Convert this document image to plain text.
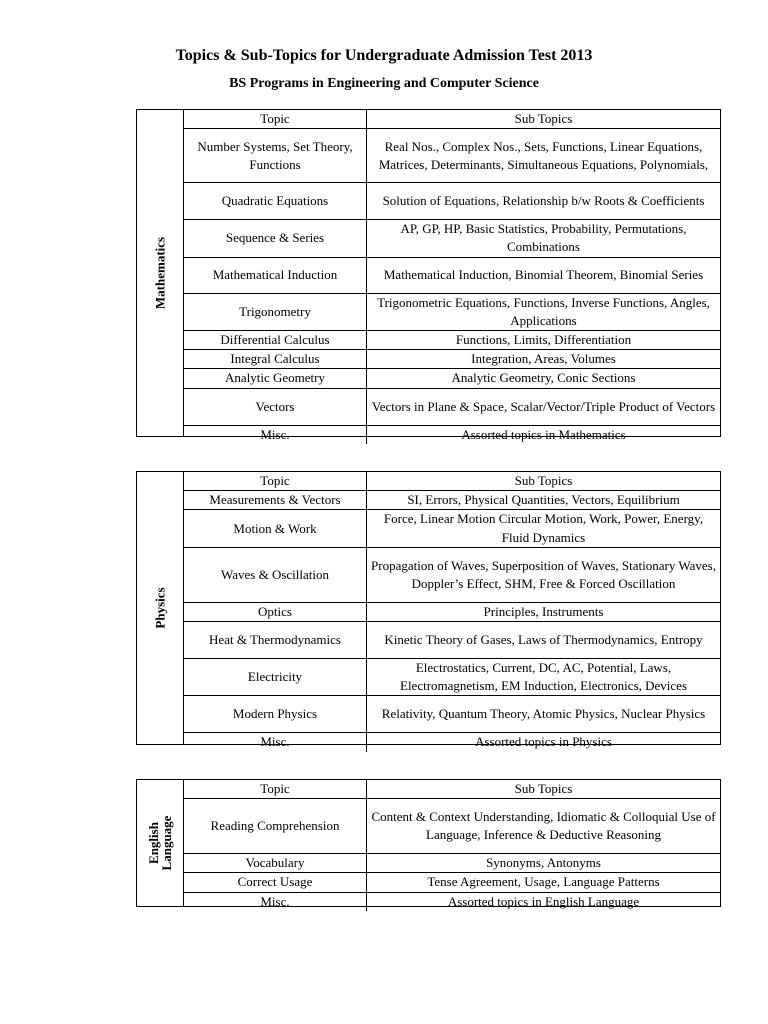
Topics & Sub-Topics for Undergraduate Admission Test 2013
BS Programs in Engineering and Computer Science
Mathematics
Topic	Sub Topics
Number Systems, Set Theory, Functions	Real Nos., Complex Nos., Sets, Functions, Linear Equations, Matrices, Determinants, Simultaneous Equations, Polynomials,
Quadratic Equations	Solution of Equations, Relationship b/w Roots & Coefficients
Sequence & Series	AP, GP, HP, Basic Statistics, Probability, Permutations, Combinations
Mathematical Induction	Mathematical Induction, Binomial Theorem, Binomial Series
Trigonometry	Trigonometric Equations, Functions, Inverse Functions, Angles, Applications
Differential Calculus	Functions, Limits, Differentiation
Integral Calculus	Integration, Areas, Volumes
Analytic Geometry	Analytic Geometry, Conic Sections
Vectors	Vectors in Plane & Space, Scalar/Vector/Triple Product of Vectors
Misc.	Assorted topics in Mathematics
Physics
Topic	Sub Topics
Measurements & Vectors	SI, Errors, Physical Quantities, Vectors, Equilibrium
Motion & Work	Force, Linear Motion Circular Motion, Work, Power, Energy, Fluid Dynamics
Waves & Oscillation	Propagation of Waves, Superposition of Waves, Stationary Waves, Doppler’s Effect, SHM, Free & Forced Oscillation
Optics	Principles, Instruments
Heat & Thermodynamics	Kinetic Theory of Gases, Laws of Thermodynamics, Entropy
Electricity	Electrostatics, Current, DC, AC, Potential, Laws, Electromagnetism, EM Induction, Electronics, Devices
Modern Physics	Relativity, Quantum Theory, Atomic Physics, Nuclear Physics
Misc.	Assorted topics in Physics
English
Language
Topic	Sub Topics
Reading Comprehension	Content & Context Understanding, Idiomatic & Colloquial Use of Language, Inference & Deductive Reasoning
Vocabulary	Synonyms, Antonyms
Correct Usage	Tense Agreement, Usage, Language Patterns
Misc.	Assorted topics in English Language
